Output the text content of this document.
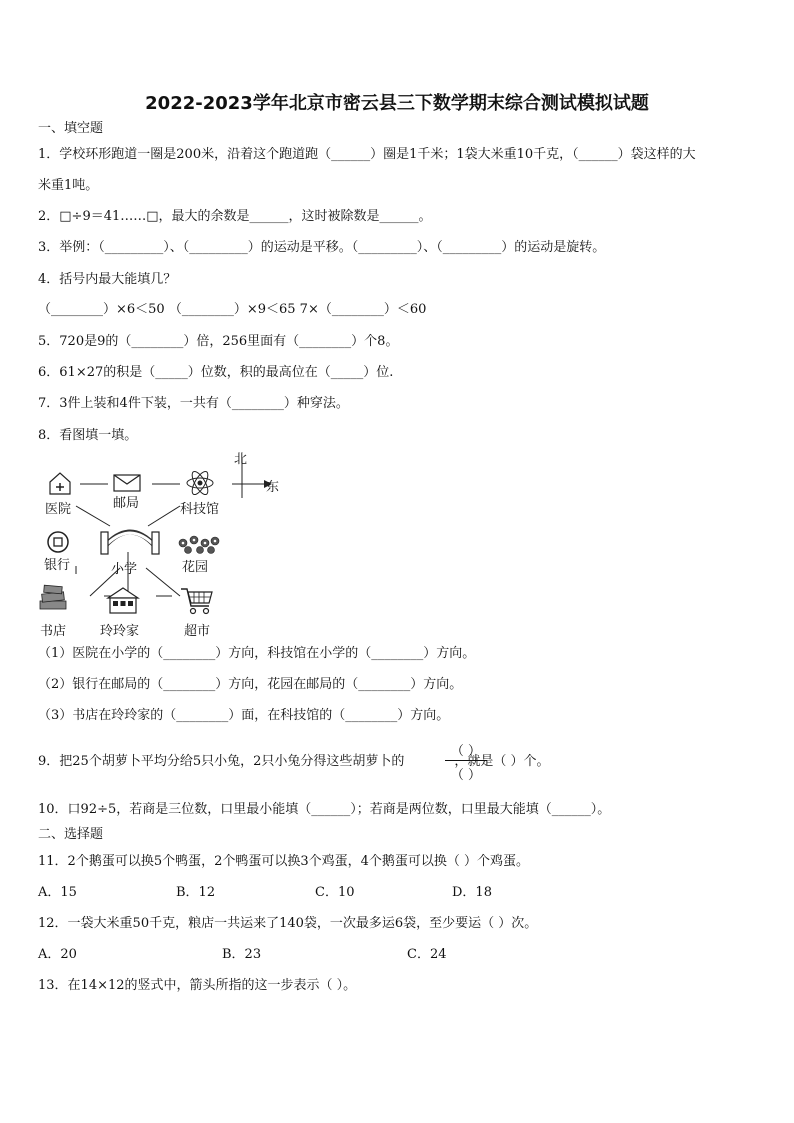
2022-2023学年北京市密云县三下数学期末综合测试模拟试题
一、填空题
1．学校环形跑道一圈是200米，沿着这个跑道跑（______）圈是1千米；1袋大米重10千克，（______）袋这样的大
米重1吨。
2．□÷9＝41……□，最大的余数是______，这时被除数是______。
3．举例：（_________）、（_________）的运动是平移。（_________）、（_________）的运动是旋转。
4．括号内最大能填几？
（________）×6＜50 （________）×9＜65 7×（________）＜60
5．720是9的（________）倍，256里面有（________）个8。
6．61×27的积是（_____）位数，积的最高位在（_____）位.
7．3件上装和4件下装，一共有（________）种穿法。
8．看图填一填。
北
东
医院	邮局	科技馆
银行	小学	花园
书店	玲玲家	超市
（1）医院在小学的（________）方向，科技馆在小学的（________）方向。
（2）银行在邮局的（________）方向，花园在邮局的（________）方向。
（3）书店在玲玲家的（________）面，在科技馆的（________）方向。
9．把25个胡萝卜平均分给5只小兔，2只小兔分得这些胡萝卜的	，就是（ ）个。
（ ）
（ ）
10．口92÷5，若商是三位数，口里最小能填（______）；若商是两位数，口里最大能填（______）。
二、选择题
11．2个鹅蛋可以换5个鸭蛋，2个鸭蛋可以换3个鸡蛋，4个鹅蛋可以换（ ）个鸡蛋。
A．15	B．12	C．10	D．18
12．一袋大米重50千克，粮店一共运来了140袋，一次最多运6袋，至少要运（ ）次。
A．20	B．23	C．24
13．在14×12的竖式中，箭头所指的这一步表示（ ）。
